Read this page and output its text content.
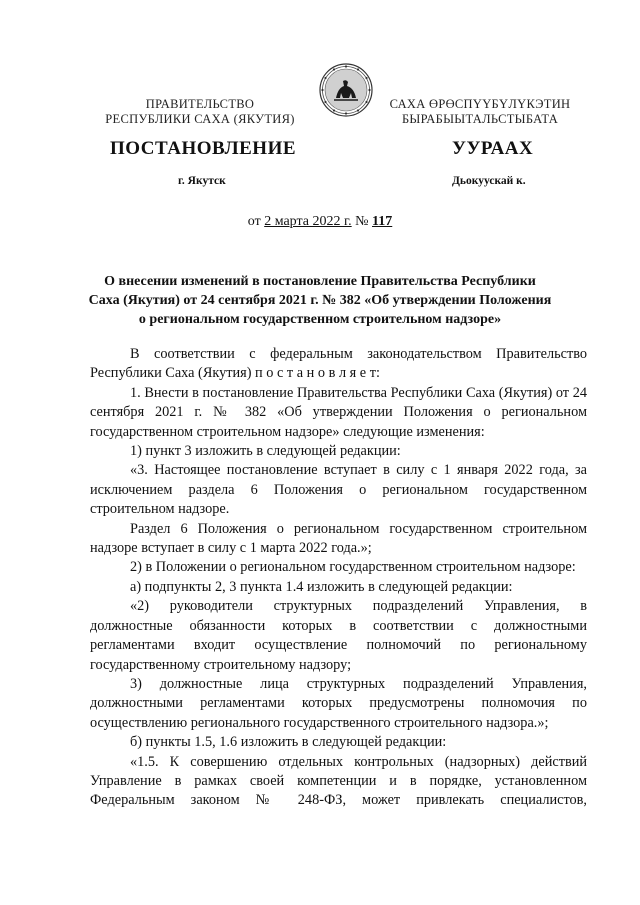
ПРАВИТЕЛЬСТВО
РЕСПУБЛИКИ САХА (ЯКУТИЯ)
САХА ӨРӨСПҮҮБҮЛҮКЭТИН
БЫРАБЫЫТАЛЬСТЫБАТА
ПОСТАНОВЛЕНИЕ	УУРААХ
г. Якутск	Дьокуускай к.
от 2 марта 2022 г. № 117
О внесении изменений в постановление Правительства Республики
Саха (Якутия) от 24 сентября 2021 г. № 382 «Об утверждении Положения
о региональном государственном строительном надзоре»

В соответствии с федеральным законодательством Правительство Республики Саха (Якутия) п о с т а н о в л я е т:

1. Внести в постановление Правительства Республики Саха (Якутия) от 24 сентября 2021 г. № 382 «Об утверждении Положения о региональном государственном строительном надзоре» следующие изменения:

1) пункт 3 изложить в следующей редакции:

«3. Настоящее постановление вступает в силу с 1 января 2022 года, за исключением раздела 6 Положения о региональном государственном строительном надзоре.

Раздел 6 Положения о региональном государственном строительном надзоре вступает в силу с 1 марта 2022 года.»;

2) в Положении о региональном государственном строительном надзоре:

а) подпункты 2, 3 пункта 1.4 изложить в следующей редакции:

«2) руководители структурных подразделений Управления, в должностные обязанности которых в соответствии с должностными регламентами входит осуществление полномочий по региональному государственному строительному надзору;

3) должностные лица структурных подразделений Управления, должностными регламентами которых предусмотрены полномочия по осуществлению регионального государственного строительного надзора.»;

б) пункты 1.5, 1.6 изложить в следующей редакции:

«1.5. К совершению отдельных контрольных (надзорных) действий Управление в рамках своей компетенции и в порядке, установленном Федеральным законом № 248-ФЗ, может привлекать специалистов,
